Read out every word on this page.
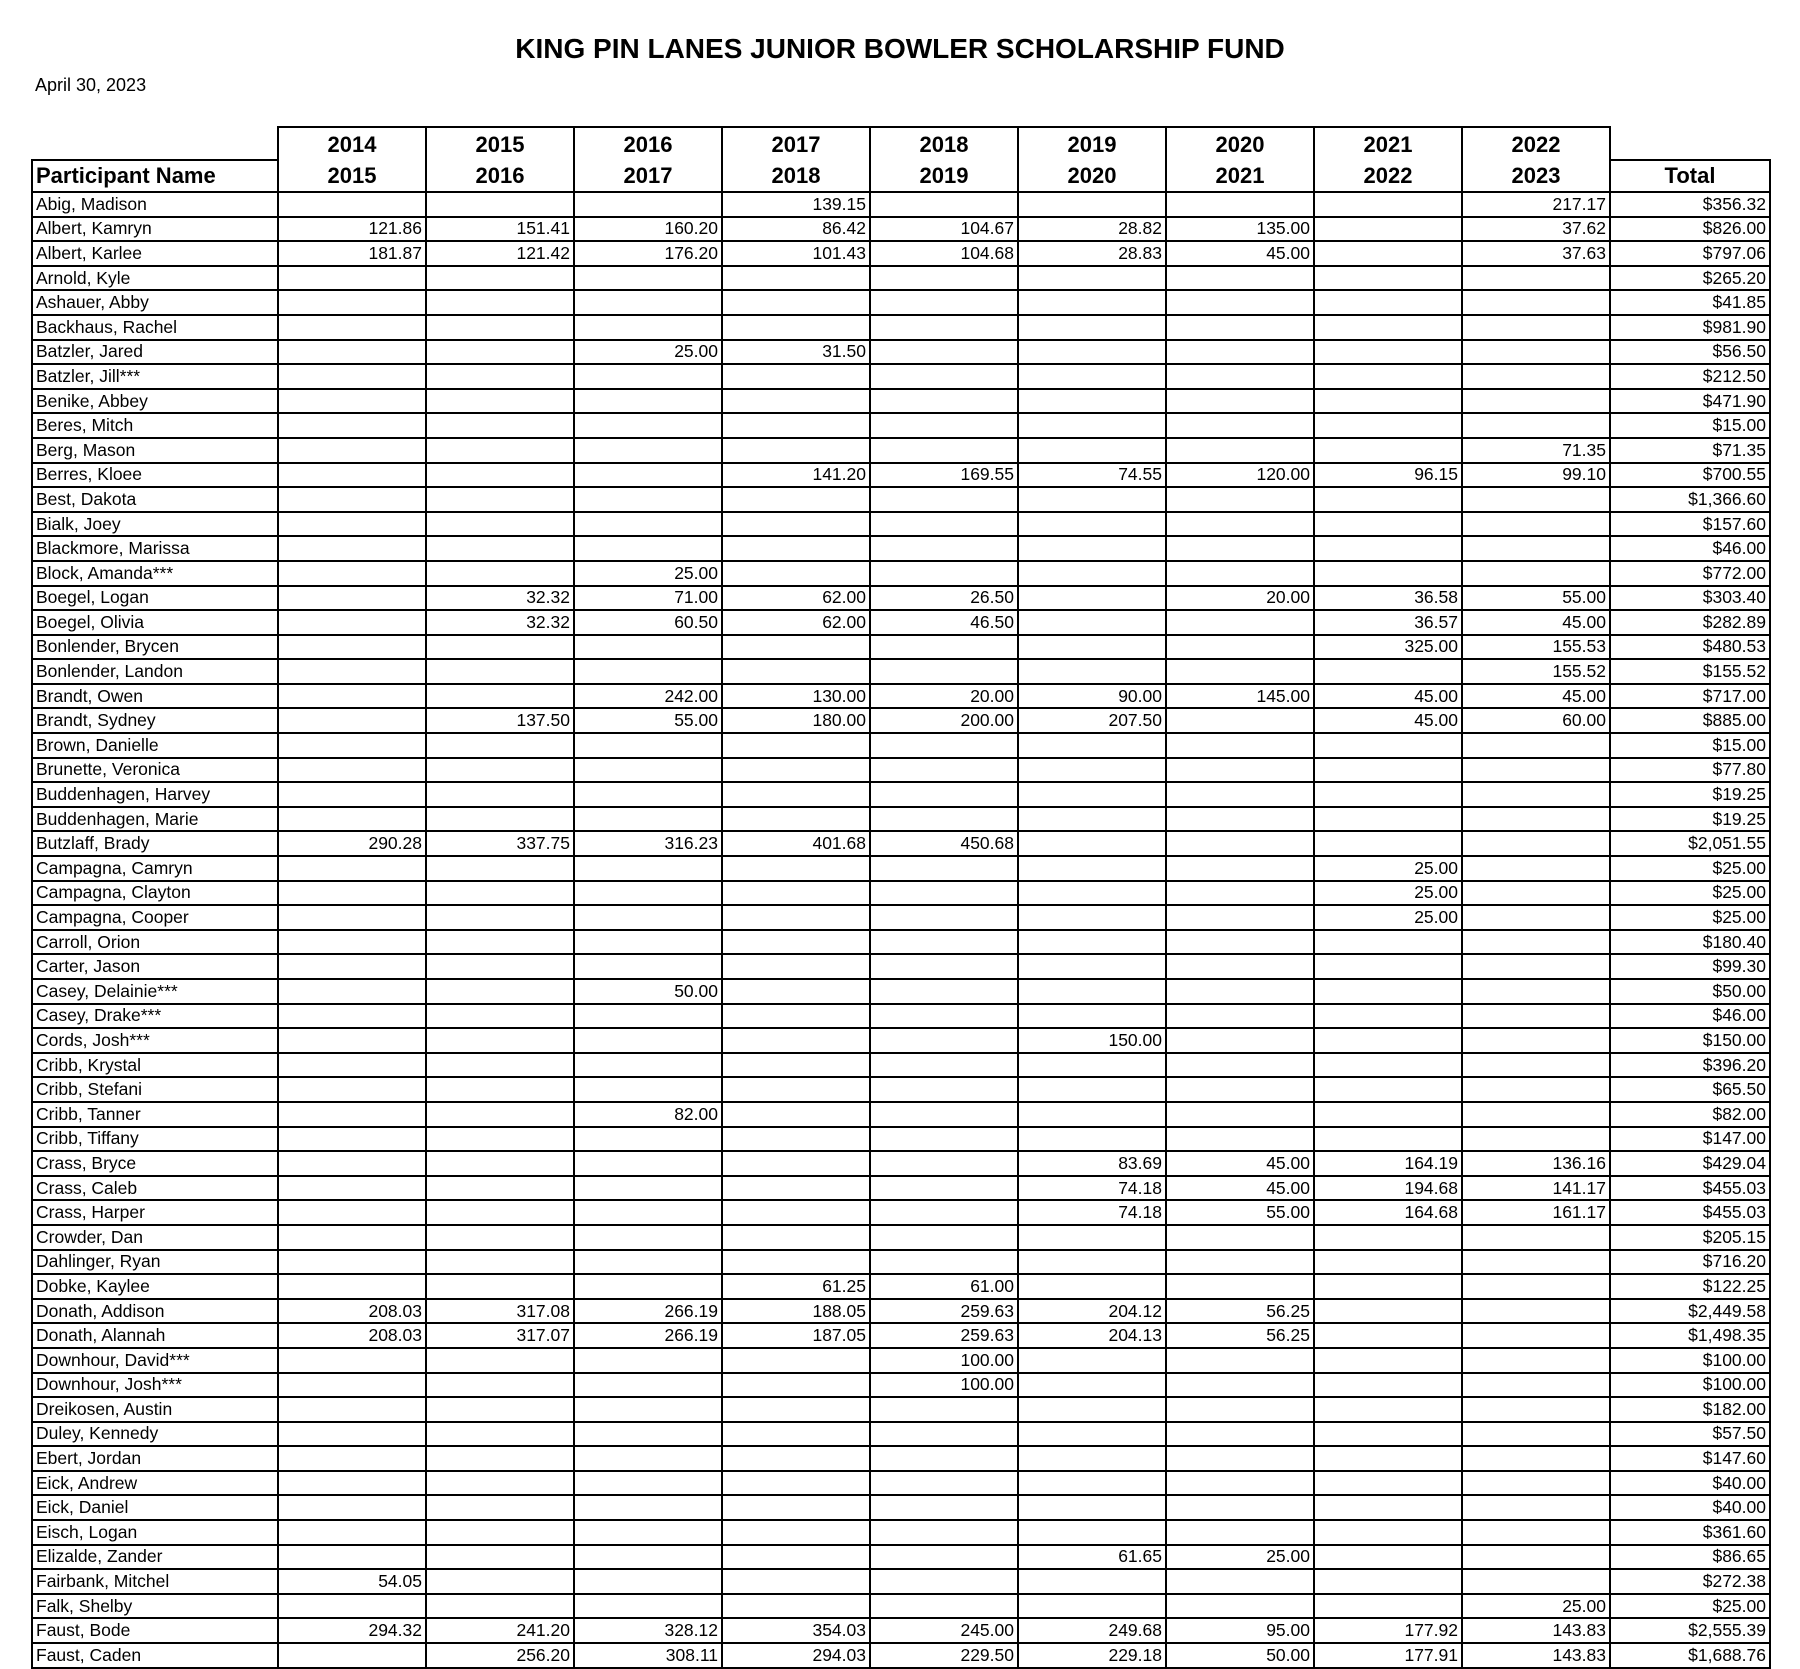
KING PIN LANES JUNIOR BOWLER SCHOLARSHIP FUND
April 30, 2023
	2014	2015	2016	2017	2018	2019	2020	2021	2022	
Participant Name	2015	2016	2017	2018	2019	2020	2021	2022	2023	Total
Abig, Madison				139.15					217.17	$356.32
Albert, Kamryn	121.86	151.41	160.20	86.42	104.67	28.82	135.00		37.62	$826.00
Albert, Karlee	181.87	121.42	176.20	101.43	104.68	28.83	45.00		37.63	$797.06
Arnold, Kyle										$265.20
Ashauer, Abby										$41.85
Backhaus, Rachel										$981.90
Batzler, Jared			25.00	31.50						$56.50
Batzler, Jill***										$212.50
Benike, Abbey										$471.90
Beres, Mitch										$15.00
Berg, Mason									71.35	$71.35
Berres, Kloee				141.20	169.55	74.55	120.00	96.15	99.10	$700.55
Best, Dakota										$1,366.60
Bialk, Joey										$157.60
Blackmore, Marissa										$46.00
Block, Amanda***			25.00							$772.00
Boegel, Logan		32.32	71.00	62.00	26.50		20.00	36.58	55.00	$303.40
Boegel, Olivia		32.32	60.50	62.00	46.50			36.57	45.00	$282.89
Bonlender, Brycen								325.00	155.53	$480.53
Bonlender, Landon									155.52	$155.52
Brandt, Owen			242.00	130.00	20.00	90.00	145.00	45.00	45.00	$717.00
Brandt, Sydney		137.50	55.00	180.00	200.00	207.50		45.00	60.00	$885.00
Brown, Danielle										$15.00
Brunette, Veronica										$77.80
Buddenhagen, Harvey										$19.25
Buddenhagen, Marie										$19.25
Butzlaff, Brady	290.28	337.75	316.23	401.68	450.68					$2,051.55
Campagna, Camryn								25.00		$25.00
Campagna, Clayton								25.00		$25.00
Campagna, Cooper								25.00		$25.00
Carroll, Orion										$180.40
Carter, Jason										$99.30
Casey, Delainie***			50.00							$50.00
Casey, Drake***										$46.00
Cords, Josh***						150.00				$150.00
Cribb, Krystal										$396.20
Cribb, Stefani										$65.50
Cribb, Tanner			82.00							$82.00
Cribb, Tiffany										$147.00
Crass, Bryce						83.69	45.00	164.19	136.16	$429.04
Crass, Caleb						74.18	45.00	194.68	141.17	$455.03
Crass, Harper						74.18	55.00	164.68	161.17	$455.03
Crowder, Dan										$205.15
Dahlinger, Ryan										$716.20
Dobke, Kaylee				61.25	61.00					$122.25
Donath, Addison	208.03	317.08	266.19	188.05	259.63	204.12	56.25			$2,449.58
Donath, Alannah	208.03	317.07	266.19	187.05	259.63	204.13	56.25			$1,498.35
Downhour, David***					100.00					$100.00
Downhour, Josh***					100.00					$100.00
Dreikosen, Austin										$182.00
Duley, Kennedy										$57.50
Ebert, Jordan										$147.60
Eick, Andrew										$40.00
Eick, Daniel										$40.00
Eisch, Logan										$361.60
Elizalde, Zander						61.65	25.00			$86.65
Fairbank, Mitchel	54.05									$272.38
Falk, Shelby									25.00	$25.00
Faust, Bode	294.32	241.20	328.12	354.03	245.00	249.68	95.00	177.92	143.83	$2,555.39
Faust, Caden		256.20	308.11	294.03	229.50	229.18	50.00	177.91	143.83	$1,688.76
